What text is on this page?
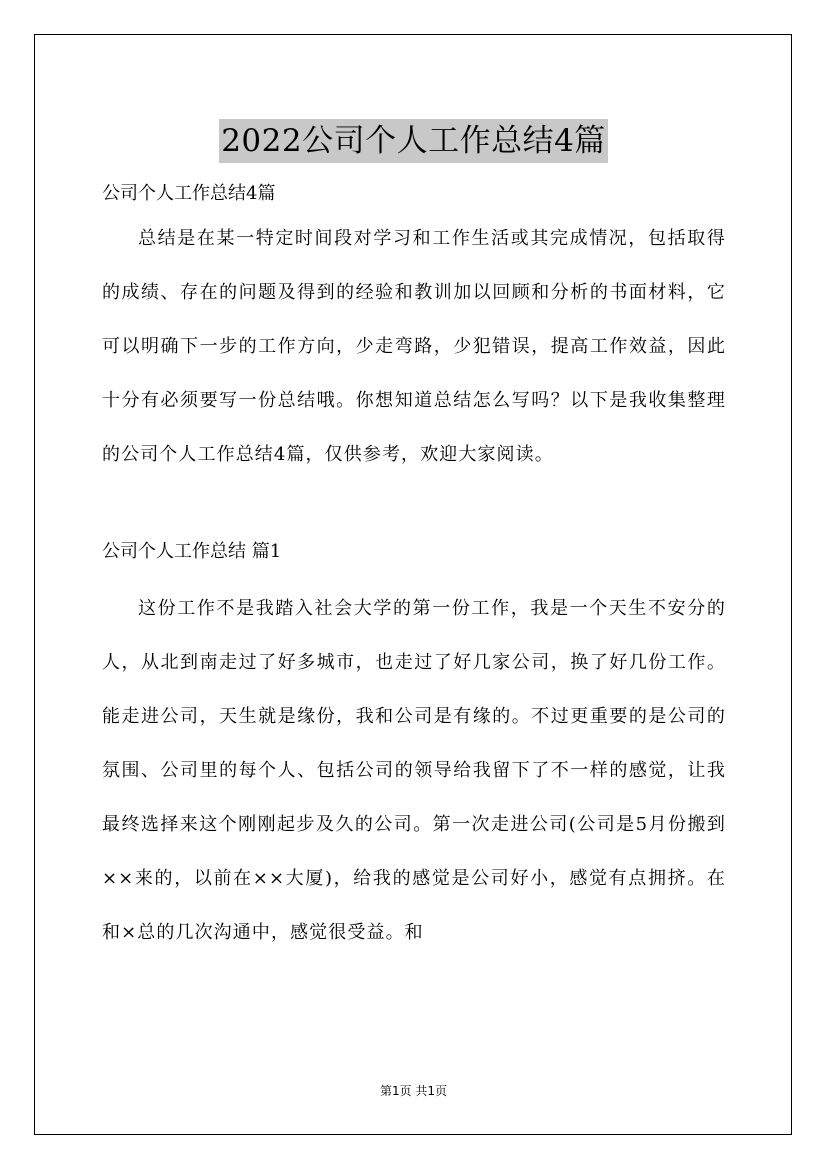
2022公司个人工作总结4篇

公司个人工作总结4篇

总结是在某一特定时间段对学习和工作生活或其完成情况，包括取得的成绩、存在的问题及得到的经验和教训加以回顾和分析的书面材料，它可以明确下一步的工作方向，少走弯路，少犯错误，提高工作效益，因此十分有必须要写一份总结哦。你想知道总结怎么写吗？以下是我收集整理的公司个人工作总结4篇，仅供参考，欢迎大家阅读。

公司个人工作总结 篇1

这份工作不是我踏入社会大学的第一份工作，我是一个天生不安分的人，从北到南走过了好多城市，也走过了好几家公司，换了好几份工作。能走进公司，天生就是缘份，我和公司是有缘的。不过更重要的是公司的氛围、公司里的每个人、包括公司的领导给我留下了不一样的感觉，让我最终选择来这个刚刚起步及久的公司。第一次走进公司(公司是5月份搬到××来的，以前在××大厦)，给我的感觉是公司好小，感觉有点拥挤。在和×总的几次沟通中，感觉很受益。和

第1页 共1页
